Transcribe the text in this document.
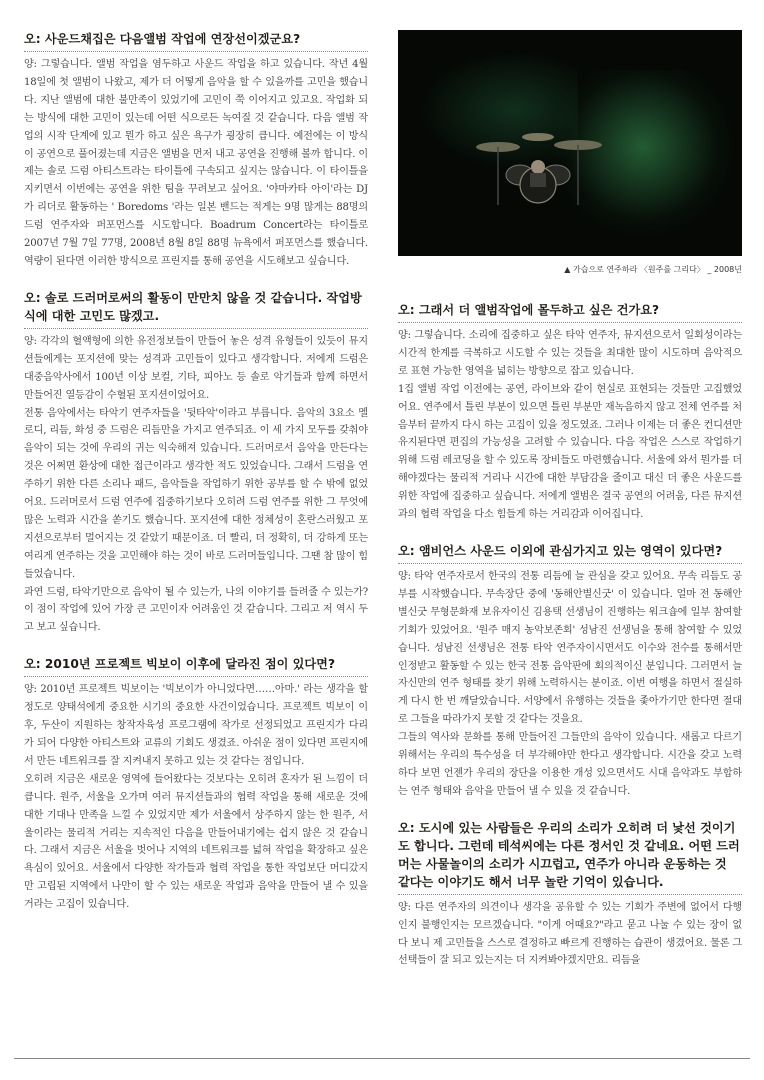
오: 사운드채집은 다음앨범 작업에 연장선이겠군요?

양: 그렇습니다. 앨범 작업을 염두하고 사운드 작업을 하고 있습니다. 작년 4월 18일에 첫 앨범이 나왔고, 제가 더 어떻게 음악을 할 수 있을까를 고민을 했습니다. 지난 앨범에 대한 불만족이 있었기에 고민이 쭉 이어지고 있고요. 작업화 되는 방식에 대한 고민이 있는데 어떤 식으로든 녹여질 것 같습니다. 다음 앨범 작업의 시작 단계에 있고 뭔가 하고 싶은 욕구가 굉장히 큽니다. 예전에는 이 방식이 공연으로 풀어졌는데 지금은 앨범을 먼저 내고 공연을 진행해 볼까 합니다. 이제는 솔로 드럼 아티스트라는 타이틀에 구속되고 싶지는 않습니다. 이 타이틀을 지키면서 이번에는 공연을 위한 팀을 꾸려보고 싶어요. '야마카타 아이'라는 DJ가 리더로 활동하는 ' Boredoms '라는 일본 밴드는 적게는 9명 많게는 88명의 드럼 연주자와 퍼포먼스를 시도합니다. Boadrum Concert라는 타이틀로 2007년 7월 7일 77명, 2008년 8월 8일 88명 뉴욕에서 퍼포먼스를 했습니다. 역량이 된다면 이러한 방식으로 프린지를 통해 공연을 시도해보고 싶습니다.

오: 솔로 드러머로써의 활동이 만만치 않을 것 같습니다. 작업방식에 대한 고민도 많겠고.

양: 각각의 혈액형에 의한 유전정보들이 만들어 놓은 성격 유형들이 있듯이 뮤지션들에게는 포지션에 맞는 성격과 고민들이 있다고 생각합니다. 저에게 드럼은 대중음악사에서 100년 이상 보컬, 기타, 피아노 등 솔로 악기들과 함께 하면서 만들어진 열등감이 수혈된 포지션이었어요.
전통 음악에서는 타악기 연주자들을 '뒷타악'이라고 부릅니다. 음악의 3요소 멜로디, 리듬, 화성 중 드럼은 리듬만을 가지고 연주되죠. 이 세 가지 모두를 갖춰야 음악이 되는 것에 우리의 귀는 익숙해져 있습니다. 드러머로서 음악을 만든다는 것은 어쩌면 환상에 대한 접근이라고 생각한 적도 있었습니다. 그래서 드럼을 연주하기 위한 다른 소리나 패드, 음악들을 작업하기 위한 공부를 할 수 밖에 없었어요. 드러머로서 드럼 연주에 집중하기보다 오히려 드럼 연주를 위한 그 무엇에 많은 노력과 시간을 쏟기도 했습니다. 포지션에 대한 정체성이 혼란스러웠고 포지션으로부터 멀어지는 것 같았기 때문이죠. 더 빨리, 더 정확히, 더 강하게 또는 여리게 연주하는 것을 고민해야 하는 것이 바로 드러머들입니다. 그땐 참 많이 힘들었습니다.
과연 드럼, 타악기만으로 음악이 될 수 있는가, 나의 이야기를 들려줄 수 있는가? 이 점이 작업에 있어 가장 큰 고민이자 어려움인 것 같습니다. 그리고 저 역시 두고 보고 싶습니다.

오: 2010년 프로젝트 빅보이 이후에 달라진 점이 있다면?

양: 2010년 프로젝트 빅보이는 '빅보이가 아니었다면……아마.' 라는 생각을 할 정도로 양태석에게 중요한 시기의 중요한 사건이었습니다. 프로젝트 빅보이 이후, 두산이 지원하는 창작자육성 프로그램에 작가로 선정되었고 프린지가 다리가 되어 다양한 아티스트와 교류의 기회도 생겼죠. 아쉬운 점이 있다면 프린지에서 만든 네트워크를 잘 지켜내지 못하고 있는 것 같다는 점입니다.
오히려 지금은 새로운 영역에 들어왔다는 것보다는 오히려 혼자가 된 느낌이 더 큽니다. 원주, 서울을 오가며 여러 뮤지션들과의 협력 작업을 통해 새로운 것에 대한 기대나 만족을 느낄 수 있었지만 제가 서울에서 상주하지 않는 한 원주, 서울이라는 물리적 거리는 지속적인 다음을 만들어내기에는 쉽지 않은 것 같습니다. 그래서 지금은 서울을 벗어나 지역의 네트워크를 넓혀 작업을 확장하고 싶은 욕심이 있어요. 서울에서 다양한 작가들과 협력 작업을 통한 작업보단 머디갔지만 고립된 지역에서 나만이 할 수 있는 새로운 작업과 음악을 만들어 낼 수 있을 거라는 고집이 있습니다.

▲ 가습으로 연주하라 〈원주를 그리다〉 _ 2008년

오: 그래서 더 앨범작업에 몰두하고 싶은 건가요?

양: 그렇습니다. 소리에 집중하고 싶은 타악 연주자, 뮤지션으로서 일회성이라는 시간적 한계를 극복하고 시도할 수 있는 것들을 최대한 많이 시도하며 음악적으로 표현 가능한 영역을 넓히는 방향으로 잡고 있습니다.
1집 앨범 작업 이전에는 공연, 라이브와 같이 현실로 표현되는 것들만 고집했었어요. 연주에서 틀린 부분이 있으면 틀린 부분만 재녹음하지 않고 전체 연주를 처음부터 끝까지 다시 하는 고집이 있을 정도였죠. 그러나 이제는 더 좋은 컨디션만 유지된다면 편집의 가능성을 고려할 수 있습니다. 다음 작업은 스스로 작업하기 위해 드럼 레코딩을 할 수 있도록 장비들도 마련했습니다. 서울에 와서 뭔가를 더 해야겠다는 물리적 거리나 시간에 대한 부담감을 줄이고 대신 더 좋은 사운드를 위한 작업에 집중하고 싶습니다. 저에게 앨범은 결국 공연의 어려움, 다른 뮤지션과의 협력 작업을 다소 힘들게 하는 거리감과 이어집니다.

오: 앰비언스 사운드 이외에 관심가지고 있는 영역이 있다면?

양: 타악 연주자로서 한국의 전통 리듬에 늘 관심을 갖고 있어요. 무속 리듬도 공부를 시작했습니다. 무속장단 중에 '동해안별신굿' 이 있습니다. 얼마 전 동해안별신굿 무형문화재 보유자이신 김용택 선생님이 진행하는 워크숍에 일부 참여할 기회가 있었어요. '원주 매지 농악보존회' 성남진 선생님을 통해 참여할 수 있었습니다. 성남진 선생님은 전통 타악 연주자이시면서도 이수와 전수를 통해서만 인정받고 활동할 수 있는 한국 전통 음악판에 회의적이신 분입니다. 그러면서 늘 자신만의 연주 형태를 찾기 위해 노력하시는 분이죠. 이번 여행을 하면서 절실하게 다시 한 번 깨달았습니다. 서양에서 유행하는 것들을 좇아가기만 한다면 절대로 그들을 따라가지 못할 것 같다는 것을요.
그들의 역사와 문화를 통해 만들어진 그들만의 음악이 있습니다. 새롭고 다르기 위해서는 우리의 특수성을 더 부각해야만 한다고 생각합니다. 시간을 갖고 노력하다 보면 언젠가 우리의 장단을 이용한 개성 있으면서도 시대 음악과도 부합하는 연주 형태와 음악을 만들어 낼 수 있을 것 같습니다.

오: 도시에 있는 사람들은 우리의 소리가 오히려 더 낯선 것이기도 합니다. 그런데 테석씨에는 다른 정서인 것 같네요. 어떤 드러머는 사물놀이의 소리가 시끄럽고, 연주가 아니라 운동하는 것 같다는 이야기도 해서 너무 놀란 기억이 있습니다.

양: 다른 연주자의 의견이나 생각을 공유할 수 있는 기회가 주변에 없어서 다행인지 불행인지는 모르겠습니다. "이게 어때요?"라고 묻고 나눌 수 있는 장이 없다 보니 제 고민들을 스스로 결정하고 빠르게 진행하는 습관이 생겼어요. 물론 그 선택들이 잘 되고 있는지는 더 지켜봐야겠지만요. 리듬을
